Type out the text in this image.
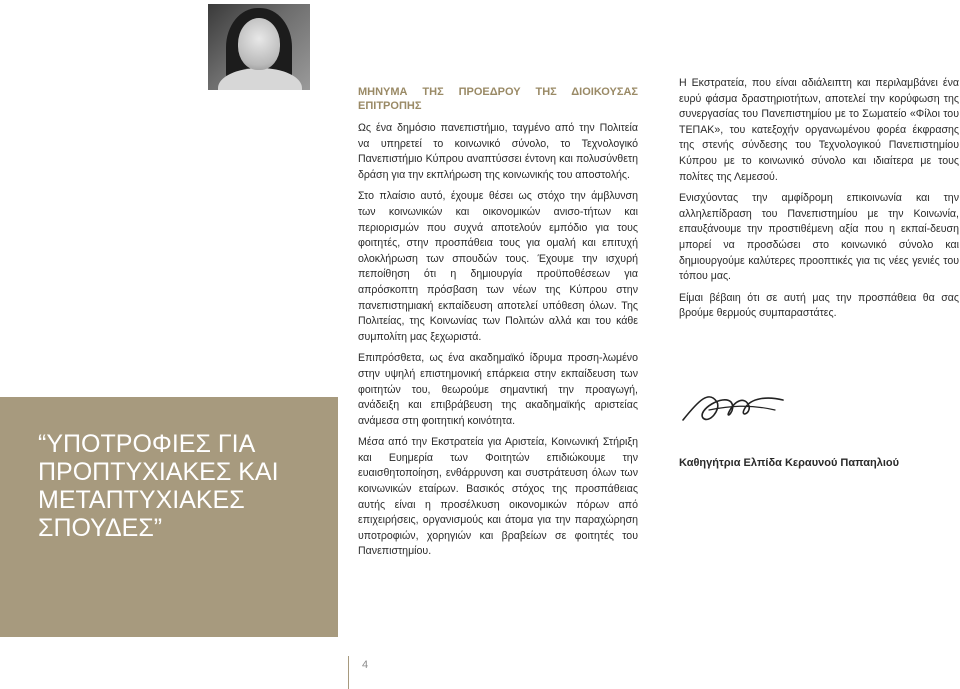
“ΥΠΟΤΡΟΦΙΕΣ ΓΙΑ ΠΡΟΠΤΥΧΙΑΚΕΣ ΚΑΙ ΜΕΤΑΠΤΥΧΙΑΚΕΣ ΣΠΟΥΔΕΣ”
ΜΗΝΥΜΑ ΤΗΣ ΠΡΟΕΔΡΟΥ ΤΗΣ ΔΙΟΙΚΟΥΣΑΣ ΕΠΙΤΡΟΠΗΣ

Ως ένα δημόσιο πανεπιστήμιο, ταγμένο από την Πολιτεία να υπηρετεί το κοινωνικό σύνολο, το Τεχνολογικό Πανεπιστήμιο Κύπρου αναπτύσσει έντονη και πολυσύνθετη δράση για την εκπλήρωση της κοινωνικής του αποστολής.

Στο πλαίσιο αυτό, έχουμε θέσει ως στόχο την άμβλυνση των κοινωνικών και οικονομικών ανισο-τήτων και περιορισμών που συχνά αποτελούν εμπόδιο για τους φοιτητές, στην προσπάθεια τους για ομαλή και επιτυχή ολοκλήρωση των σπουδών τους. Έχουμε την ισχυρή πεποίθηση ότι η δημιουργία προϋποθέσεων για απρόσκοπτη πρόσβαση των νέων της Κύπρου στην πανεπιστημιακή εκπαίδευση αποτελεί υπόθεση όλων. Της Πολιτείας, της Κοινωνίας των Πολιτών αλλά και του κάθε συμπολίτη μας ξεχωριστά.

Επιπρόσθετα, ως ένα ακαδημαϊκό ίδρυμα προση-λωμένο στην υψηλή επιστημονική επάρκεια στην εκπαίδευση των φοιτητών του, θεωρούμε σημαντική την προαγωγή, ανάδειξη και επιβράβευση της ακαδημαϊκής αριστείας ανάμεσα στη φοιτητική κοινότητα.

Μέσα από την Εκστρατεία για Αριστεία, Κοινωνική Στήριξη και Ευημερία των Φοιτητών επιδιώκουμε την ευαισθητοποίηση, ενθάρρυνση και συστράτευση όλων των κοινωνικών εταίρων. Βασικός στόχος της προσπάθειας αυτής είναι η προσέλκυση οικονομικών πόρων από επιχειρήσεις, οργανισμούς και άτομα για την παραχώρηση υποτροφιών, χορηγιών και βραβείων σε φοιτητές του Πανεπιστημίου.

Η Εκστρατεία, που είναι αδιάλειπτη και περιλαμβάνει ένα ευρύ φάσμα δραστηριοτήτων, αποτελεί την κορύφωση της συνεργασίας του Πανεπιστημίου με το Σωματείο «Φίλοι του ΤΕΠΑΚ», του κατεξοχήν οργανωμένου φορέα έκφρασης της στενής σύνδεσης του Τεχνολογικού Πανεπιστημίου Κύπρου με το κοινωνικό σύνολο και ιδιαίτερα με τους πολίτες της Λεμεσού.

Ενισχύοντας την αμφίδρομη επικοινωνία και την αλληλεπίδραση του Πανεπιστημίου με την Κοινωνία, επαυξάνουμε την προστιθέμενη αξία που η εκπαί-δευση μπορεί να προσδώσει στο κοινωνικό σύνολο και δημιουργούμε καλύτερες προοπτικές για τις νέες γενιές του τόπου μας.

Είμαι βέβαιη ότι σε αυτή μας την προσπάθεια θα σας βρούμε θερμούς συμπαραστάτες.

Καθηγήτρια Ελπίδα Κεραυνού Παπαηλιού
4
